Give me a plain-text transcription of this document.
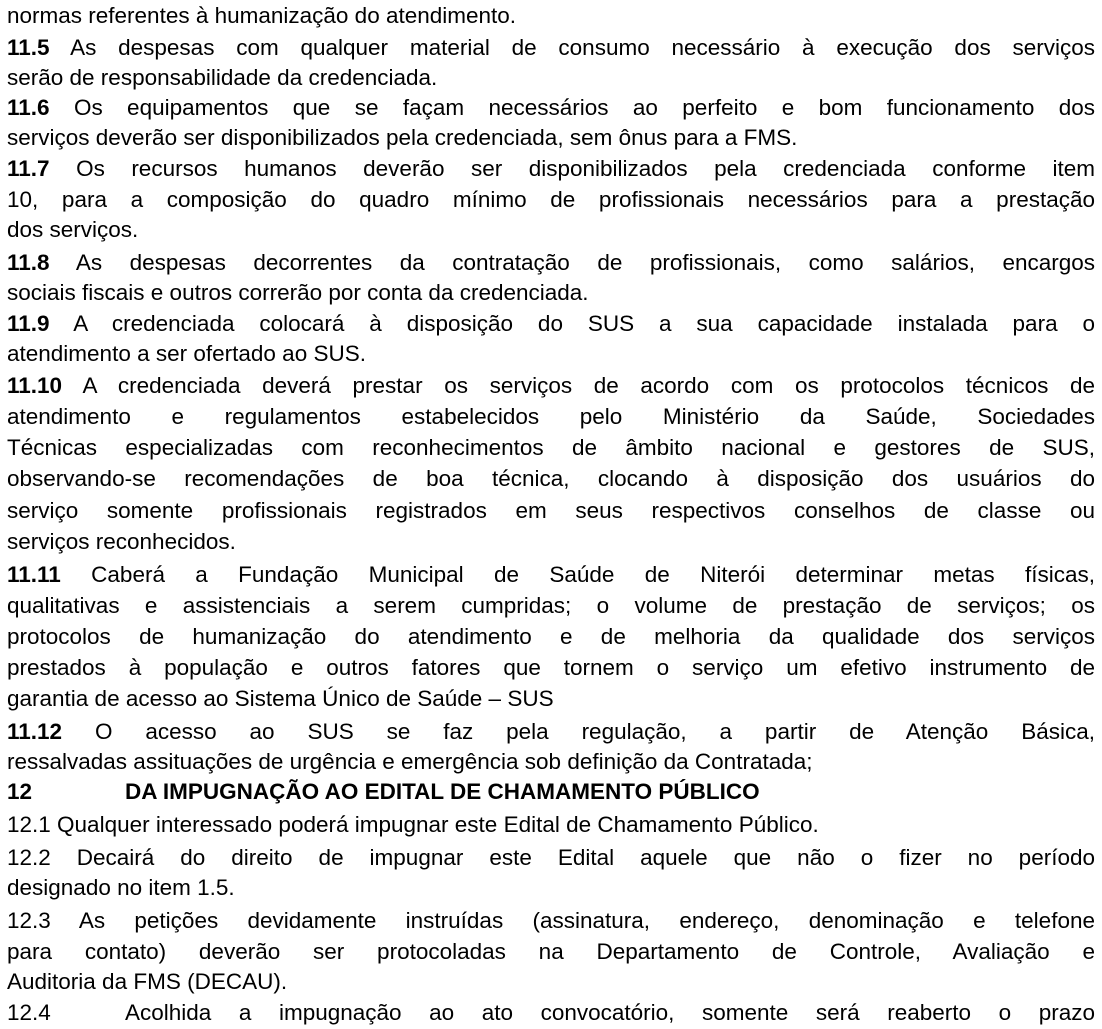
normas referentes à humanização do atendimento.
11.5 As despesas com qualquer material de consumo necessário à execução dos serviços
serão de responsabilidade da credenciada.
11.6 Os equipamentos que se façam necessários ao perfeito e bom funcionamento dos
serviços deverão ser disponibilizados pela credenciada, sem ônus para a FMS.
11.7 Os recursos humanos deverão ser disponibilizados pela credenciada conforme item
10, para a composição do quadro mínimo de profissionais necessários para a prestação
dos serviços.
11.8 As despesas decorrentes da contratação de profissionais, como salários, encargos
sociais fiscais e outros correrão por conta da credenciada.
11.9 A credenciada colocará à disposição do SUS a sua capacidade instalada para o
atendimento a ser ofertado ao SUS.
11.10 A credenciada deverá prestar os serviços de acordo com os protocolos técnicos de
atendimento e regulamentos estabelecidos pelo Ministério da Saúde, Sociedades
Técnicas especializadas com reconhecimentos de âmbito nacional e gestores de SUS,
observando-se recomendações de boa técnica, clocando à disposição dos usuários do
serviço somente profissionais registrados em seus respectivos conselhos de classe ou
serviços reconhecidos.
11.11 Caberá a Fundação Municipal de Saúde de Niterói determinar metas físicas,
qualitativas e assistenciais a serem cumpridas; o volume de prestação de serviços; os
protocolos de humanização do atendimento e de melhoria da qualidade dos serviços
prestados à população e outros fatores que tornem o serviço um efetivo instrumento de
garantia de acesso ao Sistema Único de Saúde – SUS
11.12 O acesso ao SUS se faz pela regulação, a partir de Atenção Básica,
ressalvadas assituações de urgência e emergência sob definição da Contratada;
12	DA IMPUGNAÇÃO AO EDITAL DE CHAMAMENTO PÚBLICO
12.1 Qualquer interessado poderá impugnar este Edital de Chamamento Público.
12.2 Decairá do direito de impugnar este Edital aquele que não o fizer no período
designado no item 1.5.
12.3 As petições devidamente instruídas (assinatura, endereço, denominação e telefone
para contato) deverão ser protocoladas na Departamento de Controle, Avaliação e
Auditoria da FMS (DECAU).
12.4	Acolhida a impugnação ao ato convocatório, somente será reaberto o prazo
